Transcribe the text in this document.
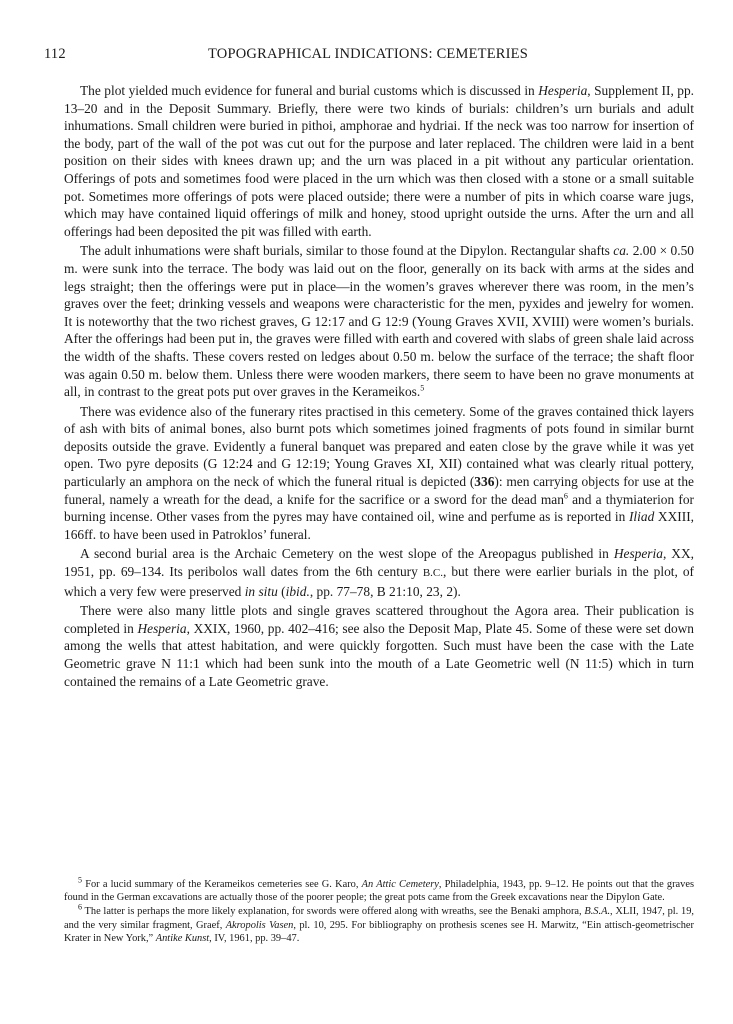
112	TOPOGRAPHICAL INDICATIONS: CEMETERIES

The plot yielded much evidence for funeral and burial customs which is discussed in Hesperia, Supplement II, pp. 13–20 and in the Deposit Summary. Briefly, there were two kinds of burials: children’s urn burials and adult inhumations. Small children were buried in pithoi, amphorae and hydriai. If the neck was too narrow for insertion of the body, part of the wall of the pot was cut out for the purpose and later replaced. The children were laid in a bent position on their sides with knees drawn up; and the urn was placed in a pit without any particular orientation. Offerings of pots and sometimes food were placed in the urn which was then closed with a stone or a small suitable pot. Sometimes more offerings of pots were placed outside; there were a number of pits in which coarse ware jugs, which may have contained liquid offerings of milk and honey, stood upright outside the urns. After the urn and all offerings had been deposited the pit was filled with earth.

The adult inhumations were shaft burials, similar to those found at the Dipylon. Rectangular shafts ca. 2.00 × 0.50 m. were sunk into the terrace. The body was laid out on the floor, generally on its back with arms at the sides and legs straight; then the offerings were put in place—in the women’s graves wherever there was room, in the men’s graves over the feet; drinking vessels and weapons were characteristic for the men, pyxides and jewelry for women. It is noteworthy that the two richest graves, G 12:17 and G 12:9 (Young Graves XVII, XVIII) were women’s burials. After the offerings had been put in, the graves were filled with earth and covered with slabs of green shale laid across the width of the shafts. These covers rested on ledges about 0.50 m. below the surface of the terrace; the shaft floor was again 0.50 m. below them. Unless there were wooden markers, there seem to have been no grave monuments at all, in contrast to the great pots put over graves in the Kerameikos.$^5$

There was evidence also of the funerary rites practised in this cemetery. Some of the graves contained thick layers of ash with bits of animal bones, also burnt pots which sometimes joined fragments of pots found in similar burnt deposits outside the grave. Evidently a funeral banquet was prepared and eaten close by the grave while it was yet open. Two pyre deposits (G 12:24 and G 12:19; Young Graves XI, XII) contained what was clearly ritual pottery, particularly an amphora on the neck of which the funeral ritual is depicted (336): men carrying objects for use at the funeral, namely a wreath for the dead, a knife for the sacrifice or a sword for the dead man$^6$ and a thymiaterion for burning incense. Other vases from the pyres may have contained oil, wine and perfume as is reported in Iliad XXIII, 166ff. to have been used in Patroklos’ funeral.

A second burial area is the Archaic Cemetery on the west slope of the Areopagus published in Hesperia, XX, 1951, pp. 69–134. Its peribolos wall dates from the 6th century B.C., but there were earlier burials in the plot, of which a very few were preserved in situ (ibid., pp. 77–78, B 21:10, 23, 2).

There were also many little plots and single graves scattered throughout the Agora area. Their publication is completed in Hesperia, XXIX, 1960, pp. 402–416; see also the Deposit Map, Plate 45. Some of these were set down among the wells that attest habitation, and were quickly forgotten. Such must have been the case with the Late Geometric grave N 11:1 which had been sunk into the mouth of a Late Geometric well (N 11:5) which in turn contained the remains of a Late Geometric grave.

$^5$ For a lucid summary of the Kerameikos cemeteries see G. Karo, An Attic Cemetery, Philadelphia, 1943, pp. 9–12. He points out that the graves found in the German excavations are actually those of the poorer people; the great pots came from the Greek excavations near the Dipylon Gate.

$^6$ The latter is perhaps the more likely explanation, for swords were offered along with wreaths, see the Benaki amphora, B.S.A., XLII, 1947, pl. 19, and the very similar fragment, Graef, Akropolis Vasen, pl. 10, 295. For bibliography on prothesis scenes see H. Marwitz, “Ein attisch-geometrischer Krater in New York,” Antike Kunst, IV, 1961, pp. 39–47.
